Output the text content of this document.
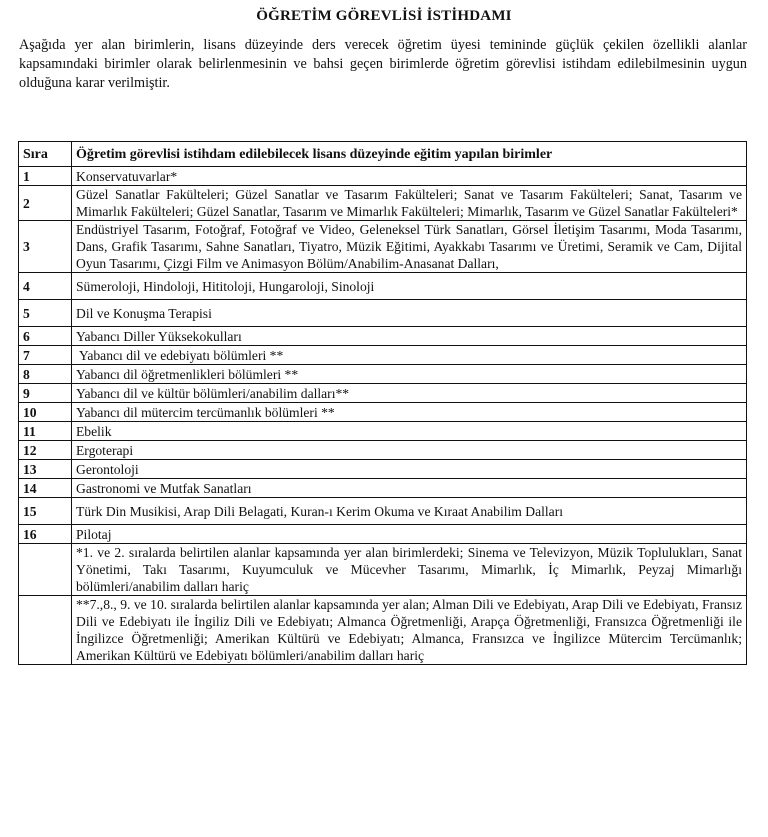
ÖĞRETİM GÖREVLİSİ İSTİHDAMI
Aşağıda yer alan birimlerin, lisans düzeyinde ders verecek öğretim üyesi temininde güçlük çekilen özellikli alanlar kapsamındaki birimler olarak belirlenmesinin ve bahsi geçen birimlerde öğretim görevlisi istihdam edilebilmesinin uygun olduğuna karar verilmiştir.
Sıra	Öğretim görevlisi istihdam edilebilecek lisans düzeyinde eğitim yapılan birimler
1	Konservatuvarlar*
2	Güzel Sanatlar Fakülteleri; Güzel Sanatlar ve Tasarım Fakülteleri; Sanat ve Tasarım Fakülteleri; Sanat, Tasarım ve Mimarlık Fakülteleri; Güzel Sanatlar, Tasarım ve Mimarlık Fakülteleri; Mimarlık, Tasarım ve Güzel Sanatlar Fakülteleri*
3	Endüstriyel Tasarım, Fotoğraf, Fotoğraf ve Video, Geleneksel Türk Sanatları, Görsel İletişim Tasarımı, Moda Tasarımı, Dans, Grafik Tasarımı, Sahne Sanatları, Tiyatro, Müzik Eğitimi, Ayakkabı Tasarımı ve Üretimi, Seramik ve Cam, Dijital Oyun Tasarımı, Çizgi Film ve Animasyon Bölüm/Anabilim-Anasanat Dalları,
4	Sümeroloji, Hindoloji, Hititoloji, Hungaroloji, Sinoloji
5	Dil ve Konuşma Terapisi
6	Yabancı Diller Yüksekokulları
7	Yabancı dil ve edebiyatı bölümleri **
8	Yabancı dil öğretmenlikleri bölümleri **
9	Yabancı dil ve kültür bölümleri/anabilim dalları**
10	Yabancı dil mütercim tercümanlık bölümleri **
11	Ebelik
12	Ergoterapi
13	Gerontoloji
14	Gastronomi ve Mutfak Sanatları
15	Türk Din Musikisi, Arap Dili Belagati, Kuran-ı Kerim Okuma ve Kıraat Anabilim Dalları
16	Pilotaj
	*1. ve 2. sıralarda belirtilen alanlar kapsamında yer alan birimlerdeki; Sinema ve Televizyon, Müzik Toplulukları, Sanat Yönetimi, Takı Tasarımı, Kuyumculuk ve Mücevher Tasarımı, Mimarlık, İç Mimarlık, Peyzaj Mimarlığı bölümleri/anabilim dalları hariç
	**7.,8., 9. ve 10. sıralarda belirtilen alanlar kapsamında yer alan; Alman Dili ve Edebiyatı, Arap Dili ve Edebiyatı, Fransız Dili ve Edebiyatı ile İngiliz Dili ve Edebiyatı; Almanca Öğretmenliği, Arapça Öğretmenliği, Fransızca Öğretmenliği ile İngilizce Öğretmenliği; Amerikan Kültürü ve Edebiyatı; Almanca, Fransızca ve İngilizce Mütercim Tercümanlık; Amerikan Kültürü ve Edebiyatı bölümleri/anabilim dalları hariç
